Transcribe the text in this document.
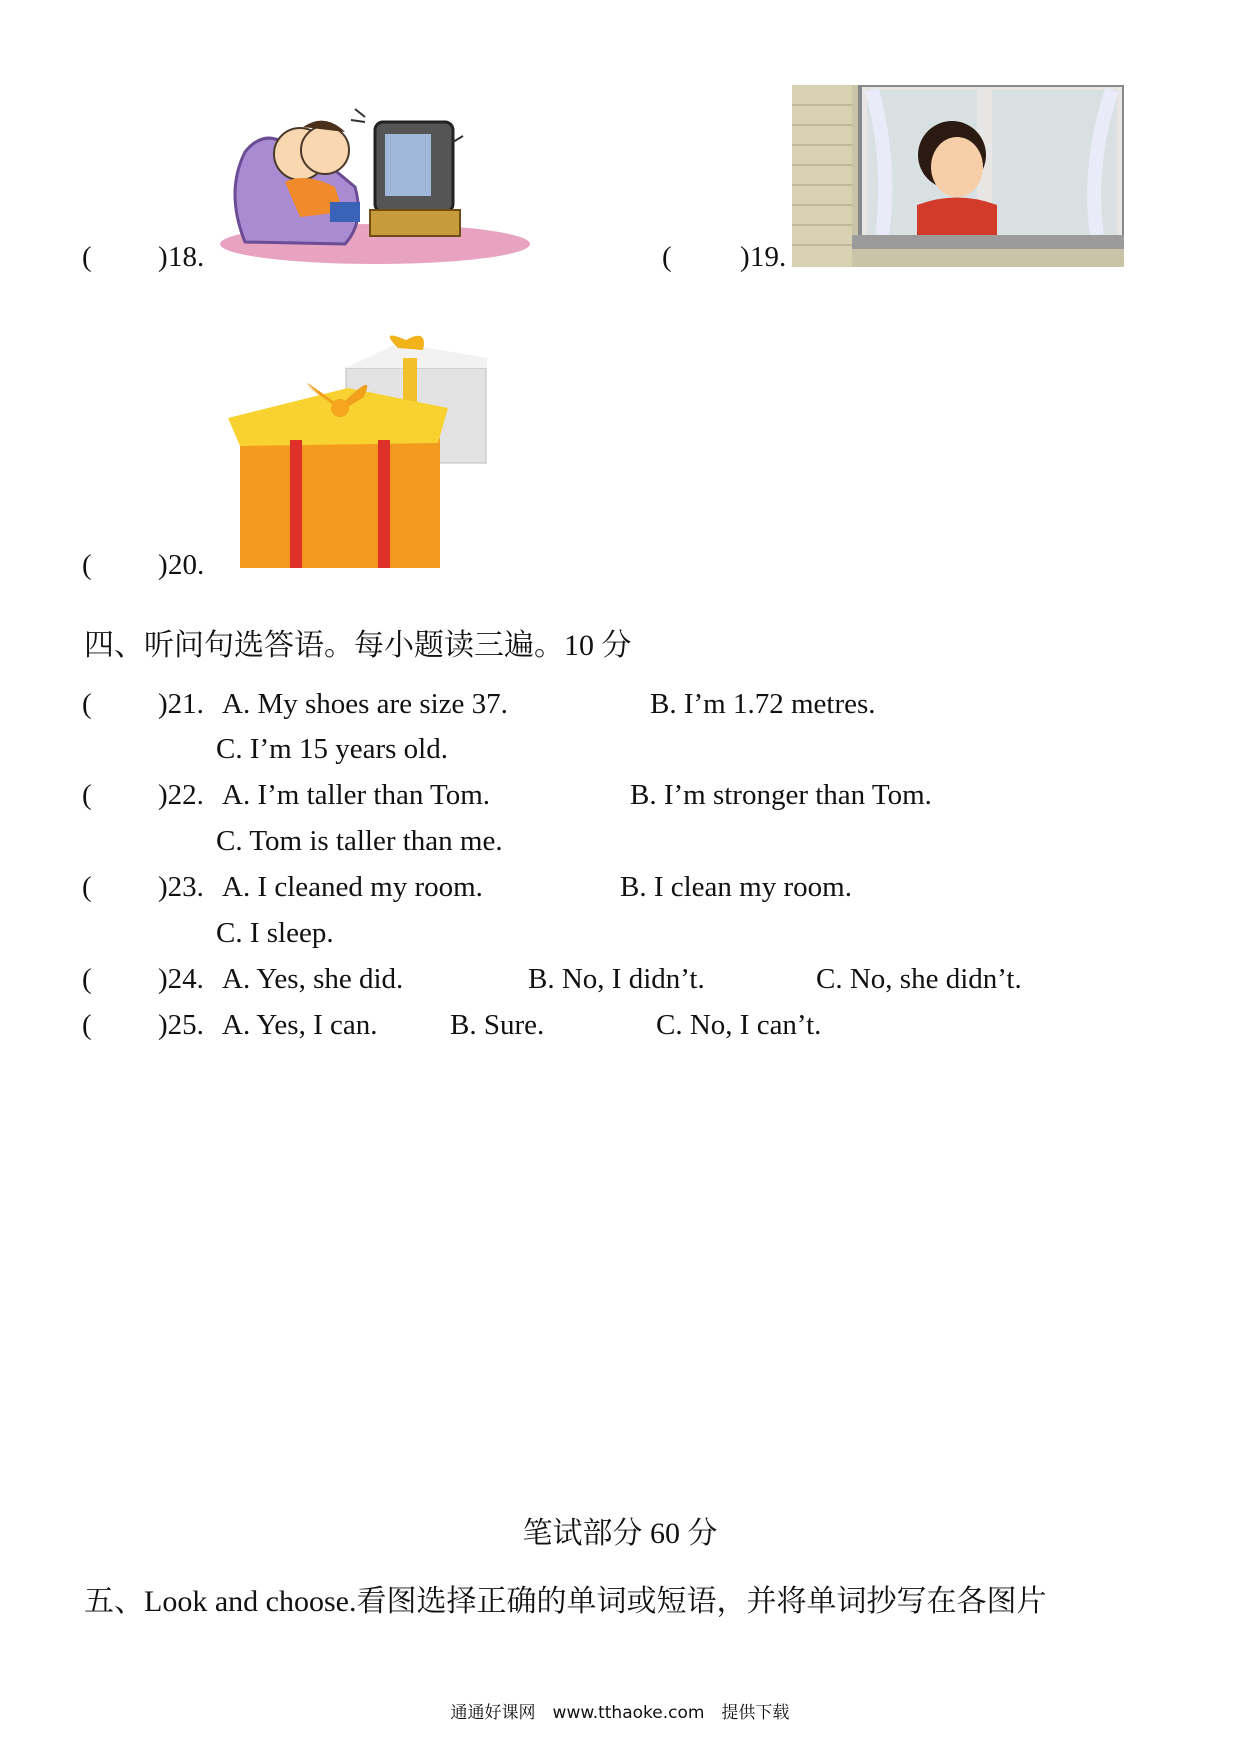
( ) 18.	( ) 19.
( ) 20.
四、听问句选答语。每小题读三遍。10 分
( )21. A. My shoes are size 37.	B. I’m 1.72 metres.
C. I’m 15 years old.
( )22. A. I’m taller than Tom.	B. I’m stronger than Tom.
C. Tom is taller than me.
( )23. A. I cleaned my room.	B. I clean my room.
C. I sleep.
( )24. A. Yes, she did.	B. No, I didn’t.	C. No, she didn’t.
( )25. A. Yes, I can.	B. Sure.	C. No, I can’t.
笔试部分 60 分
五、Look and choose.看图选择正确的单词或短语，并将单词抄写在各图片
通通好课网　www.tthaoke.com　提供下载
